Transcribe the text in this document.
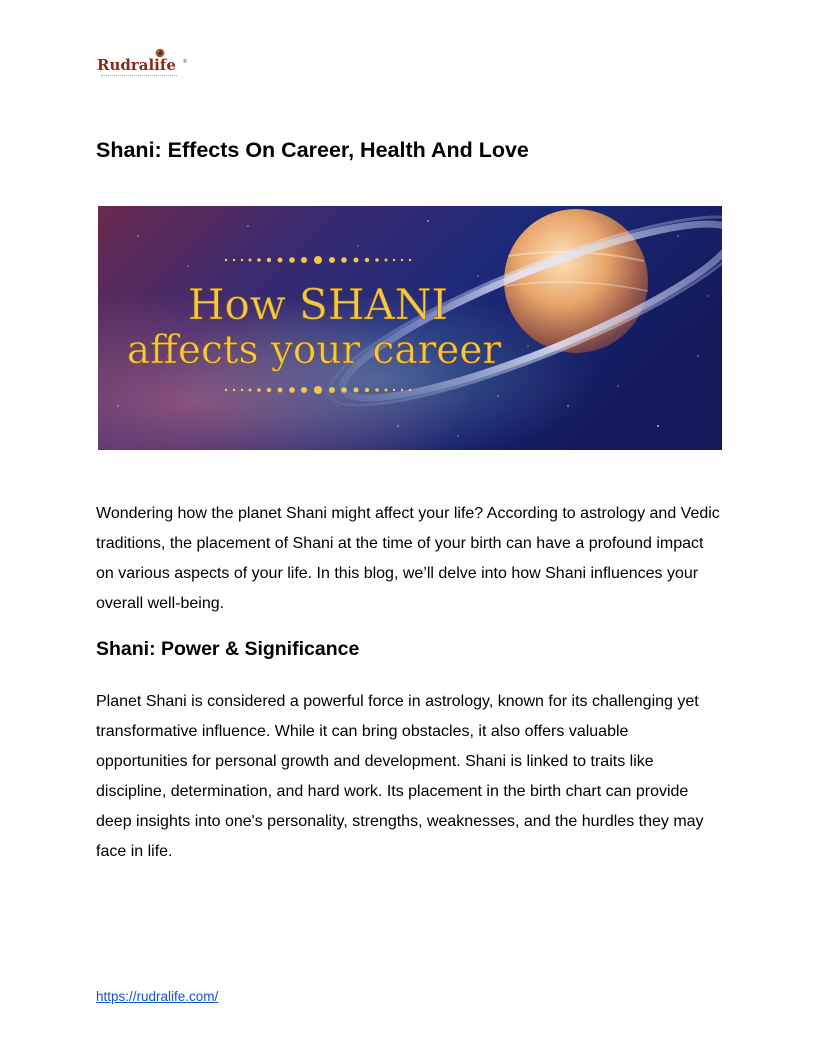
Rudralife ®
Shani: Effects On Career, Health And Love
How SHANI
affects your career

Wondering how the planet Shani might affect your life? According to astrology and Vedic traditions, the placement of Shani at the time of your birth can have a profound impact on various aspects of your life. In this blog, we’ll delve into how Shani influences your overall well-being.

Shani: Power & Significance

Planet Shani is considered a powerful force in astrology, known for its challenging yet transformative influence. While it can bring obstacles, it also offers valuable opportunities for personal growth and development. Shani is linked to traits like discipline, determination, and hard work. Its placement in the birth chart can provide deep insights into one's personality, strengths, weaknesses, and the hurdles they may face in life.

https://rudralife.com/
